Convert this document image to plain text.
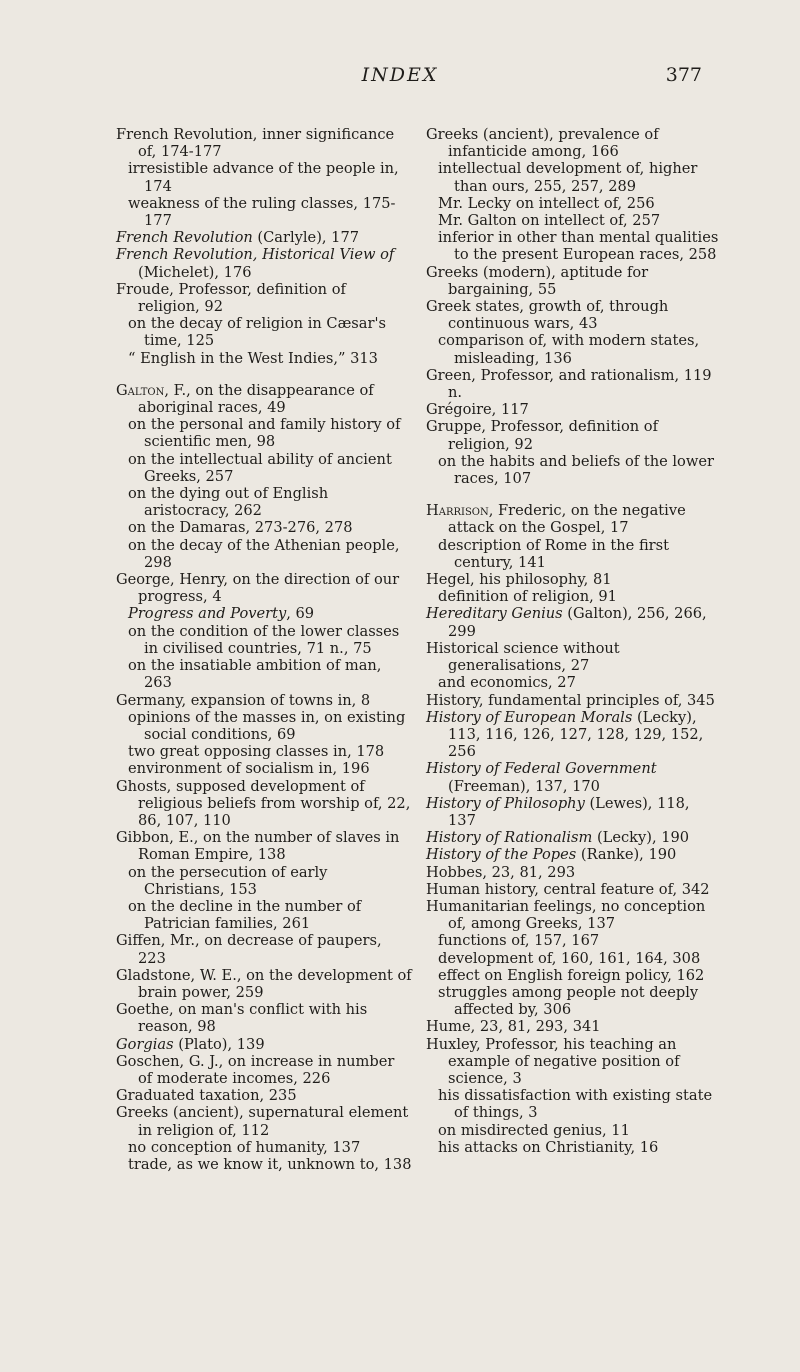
INDEX	377
French Revolution, inner significance of, 174-177
irresistible advance of the people in, 174
weakness of the ruling classes, 175-177
French Revolution (Carlyle), 177
French Revolution, Historical View of (Michelet), 176
Froude, Professor, definition of religion, 92
on the decay of religion in Cæsar's time, 125
“ English in the West Indies,” 313
Galton, F., on the disappearance of aboriginal races, 49
on the personal and family history of scientific men, 98
on the intellectual ability of ancient Greeks, 257
on the dying out of English aristocracy, 262
on the Damaras, 273-276, 278
on the decay of the Athenian people, 298
George, Henry, on the direction of our progress, 4
Progress and Poverty, 69
on the condition of the lower classes in civilised countries, 71 n., 75
on the insatiable ambition of man, 263
Germany, expansion of towns in, 8
opinions of the masses in, on existing social conditions, 69
two great opposing classes in, 178
environment of socialism in, 196
Ghosts, supposed development of religious beliefs from worship of, 22, 86, 107, 110
Gibbon, E., on the number of slaves in Roman Empire, 138
on the persecution of early Christians, 153
on the decline in the number of Patrician families, 261
Giffen, Mr., on decrease of paupers, 223
Gladstone, W. E., on the development of brain power, 259
Goethe, on man's conflict with his reason, 98
Gorgias (Plato), 139
Goschen, G. J., on increase in number of moderate incomes, 226
Graduated taxation, 235
Greeks (ancient), supernatural element in religion of, 112
no conception of humanity, 137
trade, as we know it, unknown to, 138
Greeks (ancient), prevalence of infanticide among, 166
intellectual development of, higher than ours, 255, 257, 289
Mr. Lecky on intellect of, 256
Mr. Galton on intellect of, 257
inferior in other than mental qualities to the present European races, 258
Greeks (modern), aptitude for bargaining, 55
Greek states, growth of, through continuous wars, 43
comparison of, with modern states, misleading, 136
Green, Professor, and rationalism, 119 n.
Grégoire, 117
Gruppe, Professor, definition of religion, 92
on the habits and beliefs of the lower races, 107
Harrison, Frederic, on the negative attack on the Gospel, 17
description of Rome in the first century, 141
Hegel, his philosophy, 81
definition of religion, 91
Hereditary Genius (Galton), 256, 266, 299
Historical science without generalisations, 27
and economics, 27
History, fundamental principles of, 345
History of European Morals (Lecky), 113, 116, 126, 127, 128, 129, 152, 256
History of Federal Government (Freeman), 137, 170
History of Philosophy (Lewes), 118, 137
History of Rationalism (Lecky), 190
History of the Popes (Ranke), 190
Hobbes, 23, 81, 293
Human history, central feature of, 342
Humanitarian feelings, no conception of, among Greeks, 137
functions of, 157, 167
development of, 160, 161, 164, 308
effect on English foreign policy, 162
struggles among people not deeply affected by, 306
Hume, 23, 81, 293, 341
Huxley, Professor, his teaching an example of negative position of science, 3
his dissatisfaction with existing state of things, 3
on misdirected genius, 11
his attacks on Christianity, 16
